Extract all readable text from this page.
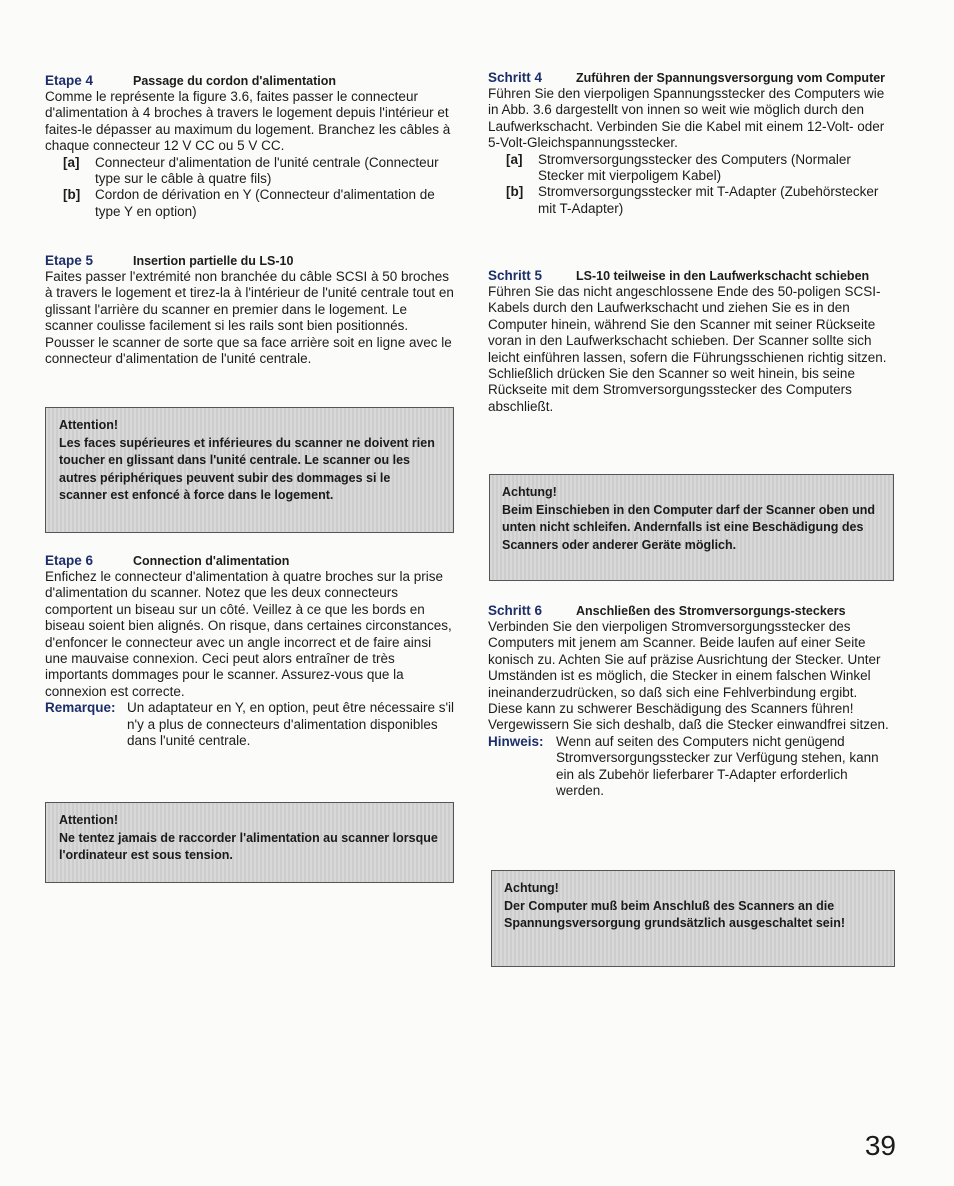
Etape 4	Passage du cordon d'alimentation

Comme le représente la figure 3.6, faites passer le connecteur d'alimentation à 4 broches à travers le logement depuis l'intérieur et faites-le dépasser au maximum du logement. Branchez les câbles à chaque connecteur 12 V CC ou 5 V CC.

[a]	Connecteur d'alimentation de l'unité centrale (Connecteur type sur le câble à quatre fils)
[b]	Cordon de dérivation en Y (Connecteur d'alimentation de type Y en option)
Etape 5	Insertion partielle du LS-10

Faites passer l'extrémité non branchée du câble SCSI à 50 broches à travers le logement et tirez-la à l'intérieur de l'unité centrale tout en glissant l'arrière du scanner en premier dans le logement. Le scanner coulisse facilement si les rails sont bien positionnés. Pousser le scanner de sorte que sa face arrière soit en ligne avec le connecteur d'alimentation de l'unité centrale.

Attention!
Les faces supérieures et inférieures du scanner ne doivent rien toucher en glissant dans l'unité centrale. Le scanner ou les autres périphériques peuvent subir des dommages si le scanner est enfoncé à force dans le logement.
Etape 6	Connection d'alimentation

Enfichez le connecteur d'alimentation à quatre broches sur la prise d'alimentation du scanner. Notez que les deux connecteurs comportent un biseau sur un côté. Veillez à ce que les bords en biseau soient bien alignés. On risque, dans certaines circonstances, d'enfoncer le connecteur avec un angle incorrect et de faire ainsi une mauvaise connexion. Ceci peut alors entraîner de très importants dommages pour le scanner. Assurez-vous que la connexion est correcte.

Remarque: Un adaptateur en Y, en option, peut être nécessaire s'il n'y a plus de connecteurs d'alimentation disponibles dans l'unité centrale.
Attention!
Ne tentez jamais de raccorder l'alimentation au scanner lorsque l'ordinateur est sous tension.
Schritt 4	Zuführen der Spannungsversorgung vom Computer

Führen Sie den vierpoligen Spannungsstecker des Computers wie in Abb. 3.6 dargestellt von innen so weit wie möglich durch den Laufwerkschacht. Verbinden Sie die Kabel mit einem 12-Volt- oder 5-Volt-Gleichspannungsstecker.

[a]	Stromversorgungsstecker des Computers (Normaler Stecker mit vierpoligem Kabel)
[b]	Stromversorgungsstecker mit T-Adapter (Zubehörstecker mit T-Adapter)
Schritt 5	LS-10 teilweise in den Laufwerkschacht schieben

Führen Sie das nicht angeschlossene Ende des 50-poligen SCSI-Kabels durch den Laufwerkschacht und ziehen Sie es in den Computer hinein, während Sie den Scanner mit seiner Rückseite voran in den Laufwerkschacht schieben. Der Scanner sollte sich leicht einführen lassen, sofern die Führungsschienen richtig sitzen. Schließlich drücken Sie den Scanner so weit hinein, bis seine Rückseite mit dem Stromversorgungsstecker des Computers abschließt.

Achtung!
Beim Einschieben in den Computer darf der Scanner oben und unten nicht schleifen. Andernfalls ist eine Beschädigung des Scanners oder anderer Geräte möglich.
Schritt 6	Anschließen des Stromversorgungs-steckers

Verbinden Sie den vierpoligen Stromversorgungsstecker des Computers mit jenem am Scanner. Beide laufen auf einer Seite konisch zu. Achten Sie auf präzise Ausrichtung der Stecker. Unter Umständen ist es möglich, die Stecker in einem falschen Winkel ineinanderzudrücken, so daß sich eine Fehlverbindung ergibt. Diese kann zu schwerer Beschädigung des Scanners führen! Vergewissern Sie sich deshalb, daß die Stecker einwandfrei sitzen.

Hinweis: Wenn auf seiten des Computers nicht genügend Stromversorgungsstecker zur Verfügung stehen, kann ein als Zubehör lieferbarer T-Adapter erforderlich werden.
Achtung!
Der Computer muß beim Anschluß des Scanners an die Spannungsversorgung grundsätzlich ausgeschaltet sein!
39
